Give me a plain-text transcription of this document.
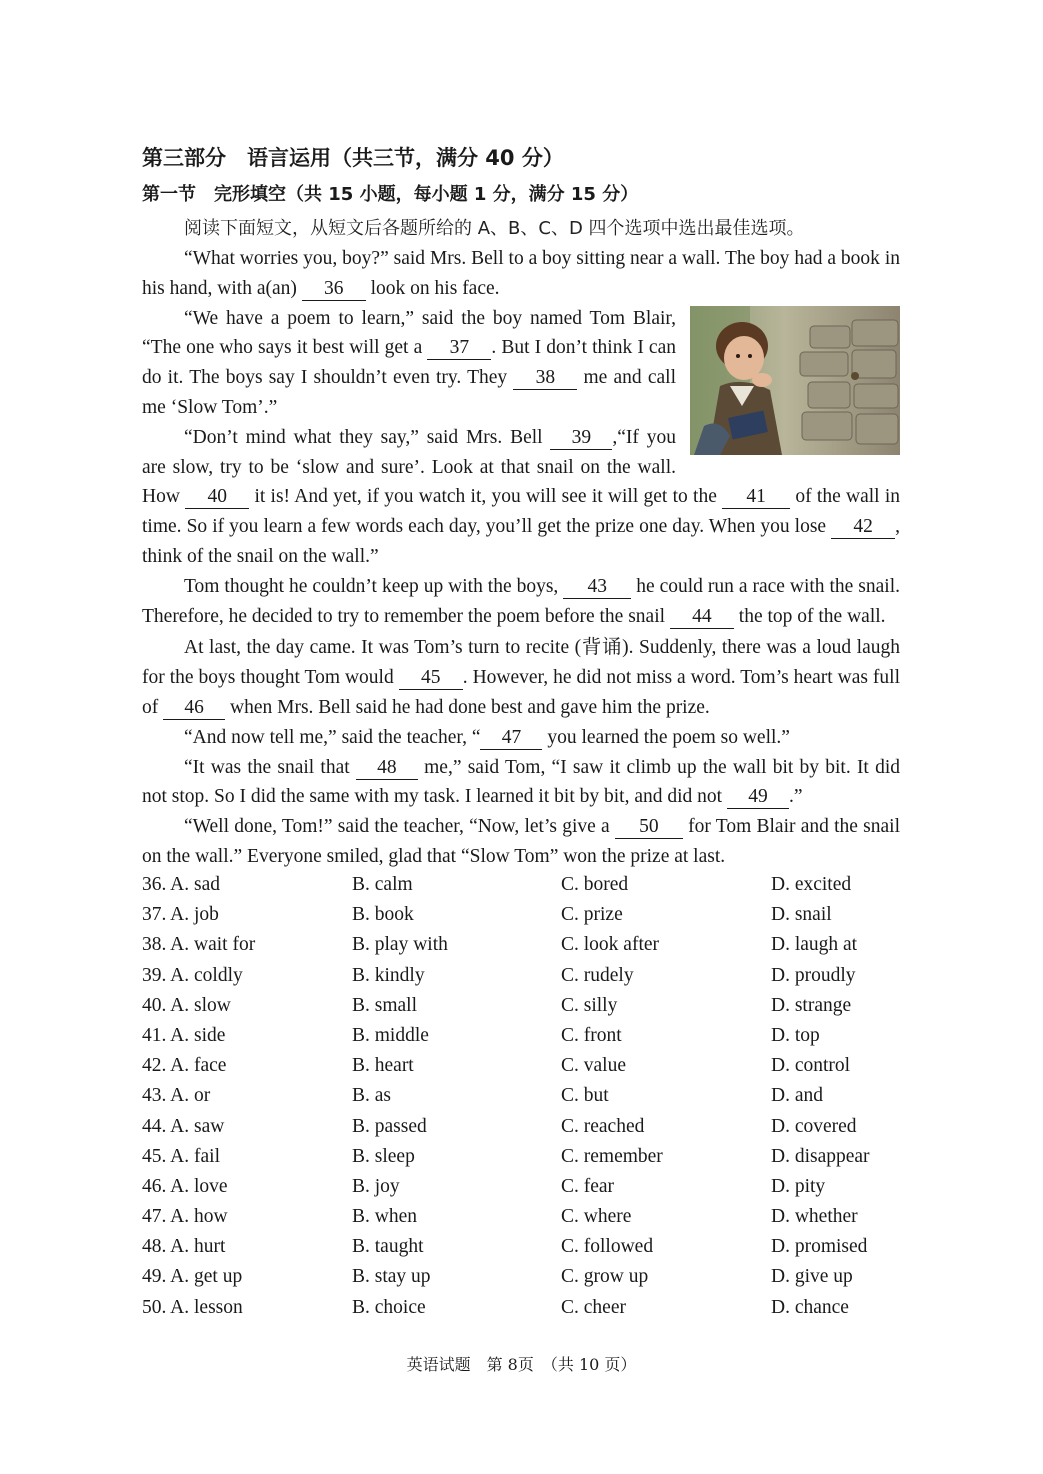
第三部分　语言运用（共三节，满分 40 分）
第一节　完形填空（共 15 小题，每小题 1 分，满分 15 分）
阅读下面短文，从短文后各题所给的 A、B、C、D 四个选项中选出最佳选项。

“What worries you, boy?” said Mrs. Bell to a boy sitting near a wall. The boy had a book in his hand, with a(an) 36 look on his face.

“We have a poem to learn,” said the boy named Tom Blair, “The one who says it best will get a 37 . But I don’t think I can do it. The boys say I shouldn’t even try. They 38 me and call me ‘Slow Tom’.”

“Don’t mind what they say,” said Mrs. Bell 39 ,“If you are slow, try to be ‘slow and sure’. Look at that snail on the wall. How 40 it is! And yet, if you watch it, you will see it will get to the 41 of the wall in time. So if you learn a few words each day, you’ll get the prize one day. When you lose 42 , think of the snail on the wall.”

Tom thought he couldn’t keep up with the boys, 43 he could run a race with the snail. Therefore, he decided to try to remember the poem before the snail 44 the top of the wall.

At last, the day came. It was Tom’s turn to recite (背诵). Suddenly, there was a loud laugh for the boys thought Tom would 45 . However, he did not miss a word. Tom’s heart was full of 46 when Mrs. Bell said he had done best and gave him the prize.

“And now tell me,” said the teacher, “ 47 you learned the poem so well.”

“It was the snail that 48 me,” said Tom, “I saw it climb up the wall bit by bit. It did not stop. So I did the same with my task. I learned it bit by bit, and did not 49 .”

“Well done, Tom!” said the teacher, “Now, let’s give a 50 for Tom Blair and the snail on the wall.” Everyone smiled, glad that “Slow Tom” won the prize at last.

36. A. sad	B. calm	C. bored	D. excited
37. A. job	B. book	C. prize	D. snail
38. A. wait for	B. play with	C. look after	D. laugh at
39. A. coldly	B. kindly	C. rudely	D. proudly
40. A. slow	B. small	C. silly	D. strange
41. A. side	B. middle	C. front	D. top
42. A. face	B. heart	C. value	D. control
43. A. or	B. as	C. but	D. and
44. A. saw	B. passed	C. reached	D. covered
45. A. fail	B. sleep	C. remember	D. disappear
46. A. love	B. joy	C. fear	D. pity
47. A. how	B. when	C. where	D. whether
48. A. hurt	B. taught	C. followed	D. promised
49. A. get up	B. stay up	C. grow up	D. give up
50. A. lesson	B. choice	C. cheer	D. chance
英语试题　第 8页　（共 10 页）
